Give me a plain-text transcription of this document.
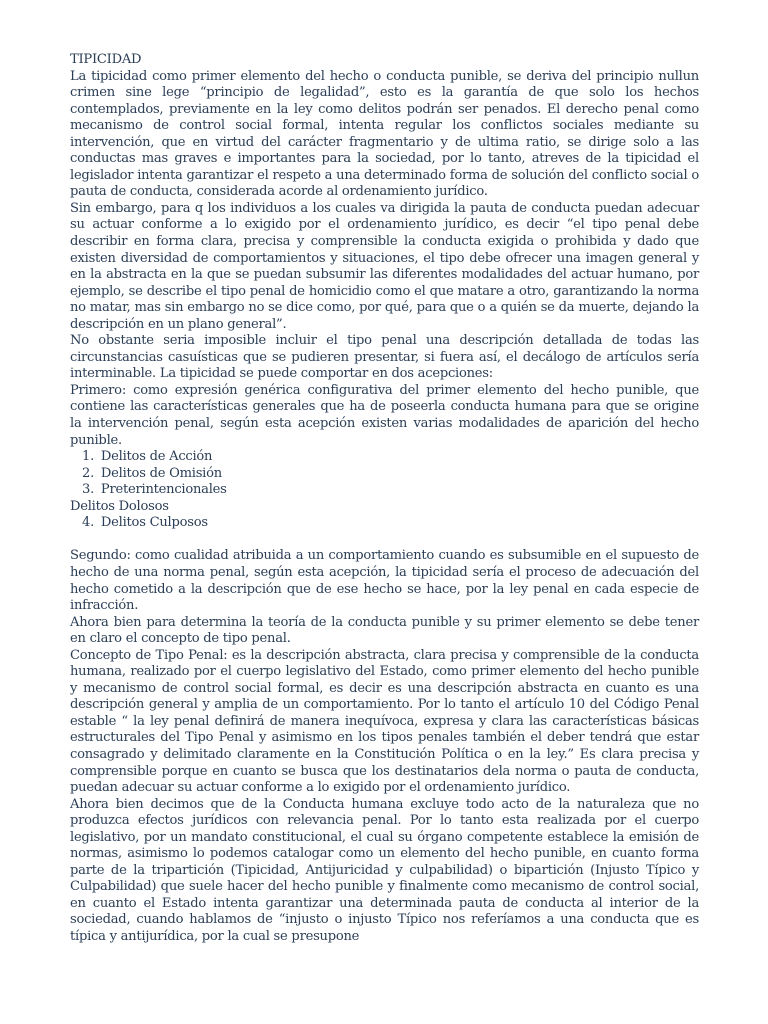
TIPICIDAD

La tipicidad como primer elemento del hecho o conducta punible, se deriva del principio nullun crimen sine lege “principio de legalidad”, esto es la garantía de que solo los hechos contemplados, previamente en la ley como delitos podrán ser penados. El derecho penal como mecanismo de control social formal, intenta regular los conflictos sociales mediante su intervención, que en virtud del carácter fragmentario y de ultima ratio, se dirige solo a las conductas mas graves e importantes para la sociedad, por lo tanto, atreves de la tipicidad el legislador intenta garantizar el respeto a una determinado forma de solución del conflicto social o pauta de conducta, considerada acorde al ordenamiento jurídico.

Sin embargo, para q los individuos a los cuales va dirigida la pauta de conducta puedan adecuar su actuar conforme a lo exigido por el ordenamiento jurídico, es decir “el tipo penal debe describir en forma clara, precisa y comprensible la conducta exigida o prohibida y dado que existen diversidad de comportamientos y situaciones, el tipo debe ofrecer una imagen general y en la abstracta en la que se puedan subsumir las diferentes modalidades del actuar humano, por ejemplo, se describe el tipo penal de homicidio como el que matare a otro, garantizando la norma no matar, mas sin embargo no se dice como, por qué, para que o a quién se da muerte, dejando la descripción en un plano general”.

No obstante seria imposible incluir el tipo penal una descripción detallada de todas las circunstancias casuísticas que se pudieren presentar, si fuera así, el decálogo de artículos sería interminable. La tipicidad se puede comportar en dos acepciones:

Primero: como expresión genérica configurativa del primer elemento del hecho punible, que contiene las características generales que ha de poseerla conducta humana para que se origine la intervención penal, según esta acepción existen varias modalidades de aparición del hecho punible.

1. Delitos de Acción
2. Delitos de Omisión
3. Preterintencionales

Delitos Dolosos

4. Delitos Culposos

Segundo: como cualidad atribuida a un comportamiento cuando es subsumible en el supuesto de hecho de una norma penal, según esta acepción, la tipicidad sería el proceso de adecuación del hecho cometido a la descripción que de ese hecho se hace, por la ley penal en cada especie de infracción.

Ahora bien para determina la teoría de la conducta punible y su primer elemento se debe tener en claro el concepto de tipo penal.

Concepto de Tipo Penal: es la descripción abstracta, clara precisa y comprensible de la conducta humana, realizado por el cuerpo legislativo del Estado, como primer elemento del hecho punible y mecanismo de control social formal, es decir es una descripción abstracta en cuanto es una descripción general y amplia de un comportamiento. Por lo tanto el artículo 10 del Código Penal estable “ la ley penal definirá de manera inequívoca, expresa y clara las características básicas estructurales del Tipo Penal y asimismo en los tipos penales también el deber tendrá que estar consagrado y delimitado claramente en la Constitución Política o en la ley.” Es clara precisa y comprensible porque en cuanto se busca que los destinatarios dela norma o pauta de conducta, puedan adecuar su actuar conforme a lo exigido por el ordenamiento jurídico.

Ahora bien decimos que de la Conducta humana excluye todo acto de la naturaleza que no produzca efectos jurídicos con relevancia penal. Por lo tanto esta realizada por el cuerpo legislativo, por un mandato constitucional, el cual su órgano competente establece la emisión de normas, asimismo lo podemos catalogar como un elemento del hecho punible, en cuanto forma parte de la tripartición (Tipicidad, Antijuricidad y culpabilidad) o bipartición (Injusto Típico y Culpabilidad) que suele hacer del hecho punible y finalmente como mecanismo de control social, en cuanto el Estado intenta garantizar una determinada pauta de conducta al interior de la sociedad, cuando hablamos de “injusto o injusto Típico nos referíamos a una conducta que es típica y antijurídica, por la cual se presupone
